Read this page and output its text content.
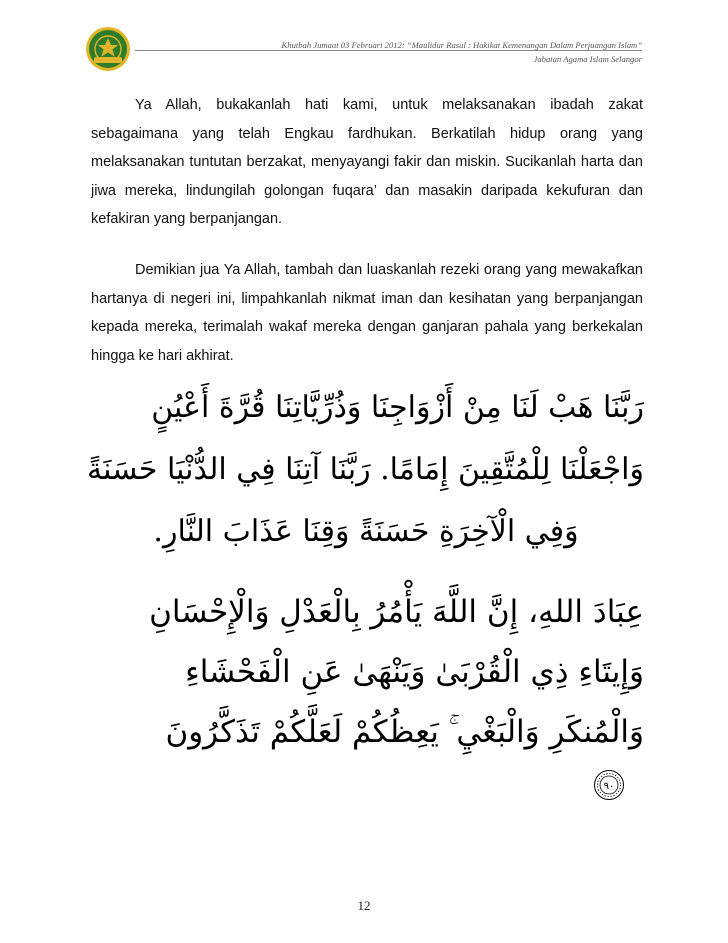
Khutbah Jumaat 03 Februari 2012: “Maulidur Rasul : Hakikat Kemenangan Dalam Perjuangan Islam”
Jabatan Agama Islam Selangor

Ya Allah, bukakanlah hati kami, untuk melaksanakan ibadah zakat sebagaimana yang telah Engkau fardhukan. Berkatilah hidup orang yang melaksanakan tuntutan berzakat, menyayangi fakir dan miskin. Sucikanlah harta dan jiwa mereka, lindungilah golongan fuqara’ dan masakin daripada kekufuran dan kefakiran yang berpanjangan.

Demikian jua Ya Allah, tambah dan luaskanlah rezeki orang yang mewakafkan hartanya di negeri ini, limpahkanlah nikmat iman dan kesihatan yang berpanjangan kepada mereka, terimalah wakaf mereka dengan ganjaran pahala yang berkekalan hingga ke hari akhirat.

رَبَّنَا هَبْ لَنَا مِنْ أَزْوَاجِنَا وَذُرِّيَّاتِنَا قُرَّةَ أَعْيُنٍ
وَاجْعَلْنَا لِلْمُتَّقِينَ إِمَامًا. رَبَّنَا آتِنَا فِي الدُّنْيَا حَسَنَةً
وَفِي الْآخِرَةِ حَسَنَةً وَقِنَا عَذَابَ النَّارِ.
عِبَادَ اللهِ، إِنَّ اللَّهَ يَأْمُرُ بِالْعَدْلِ وَالْإِحْسَانِ
وَإِيتَاءِ ذِي الْقُرْبَىٰ وَيَنْهَىٰ عَنِ الْفَحْشَاءِ
وَالْمُنكَرِ وَالْبَغْيِ ۚ يَعِظُكُمْ لَعَلَّكُمْ تَذَكَّرُونَ
٩٠
12
